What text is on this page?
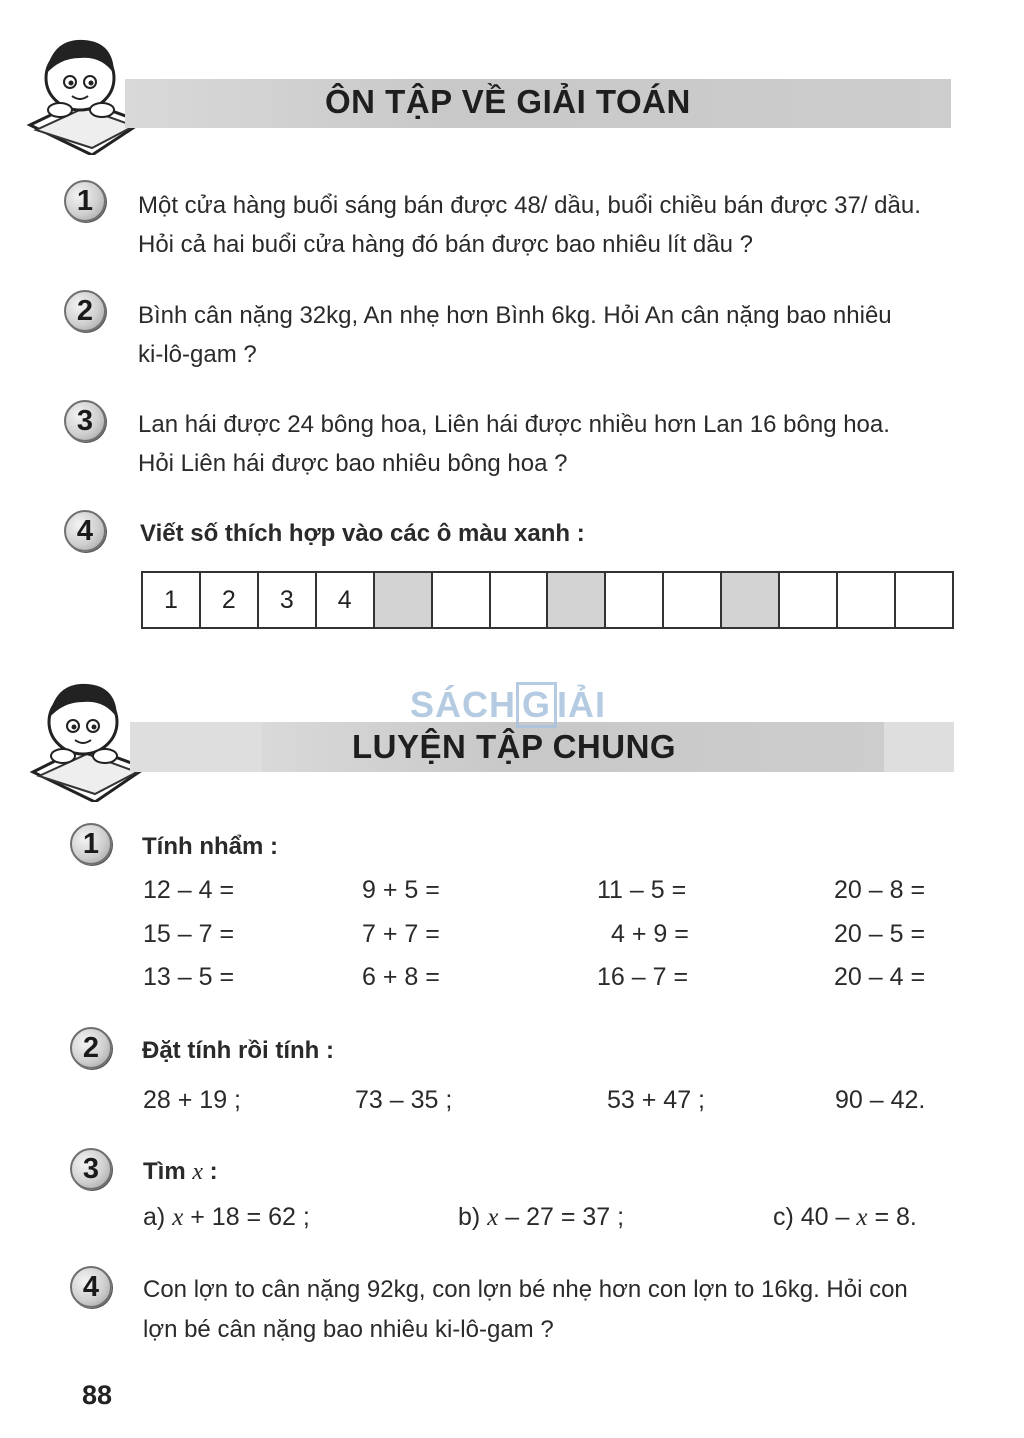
ÔN TẬP VỀ GIẢI TOÁN
1	Một cửa hàng buổi sáng bán được 48/ dầu, buổi chiều bán được 37/ dầu.
Hỏi cả hai buổi cửa hàng đó bán được bao nhiêu lít dầu ?
2	Bình cân nặng 32kg, An nhẹ hơn Bình 6kg. Hỏi An cân nặng bao nhiêu
ki-lô-gam ?
3	Lan hái được 24 bông hoa, Liên hái được nhiều hơn Lan 16 bông hoa.
Hỏi Liên hái được bao nhiêu bông hoa ?
4	Viết số thích hợp vào các ô màu xanh :
1	2	3	4
LUYỆN TẬP CHUNG
SÁCH G IẢI
1	Tính nhẩm :
12 – 4 =	9 + 5 =	11 – 5 =	20 – 8 =
15 – 7 =	7 + 7 =	4 + 9 =	20 – 5 =
13 – 5 =	6 + 8 =	16 – 7 =	20 – 4 =
2	Đặt tính rồi tính :
28 + 19 ;	73 – 35 ;	53 + 47 ;	90 – 42.
3	Tìm x :
a) x + 18 = 62 ;	b) x – 27 = 37 ;	c) 40 – x = 8.
4	Con lợn to cân nặng 92kg, con lợn bé nhẹ hơn con lợn to 16kg. Hỏi con
lợn bé cân nặng bao nhiêu ki-lô-gam ?
88
